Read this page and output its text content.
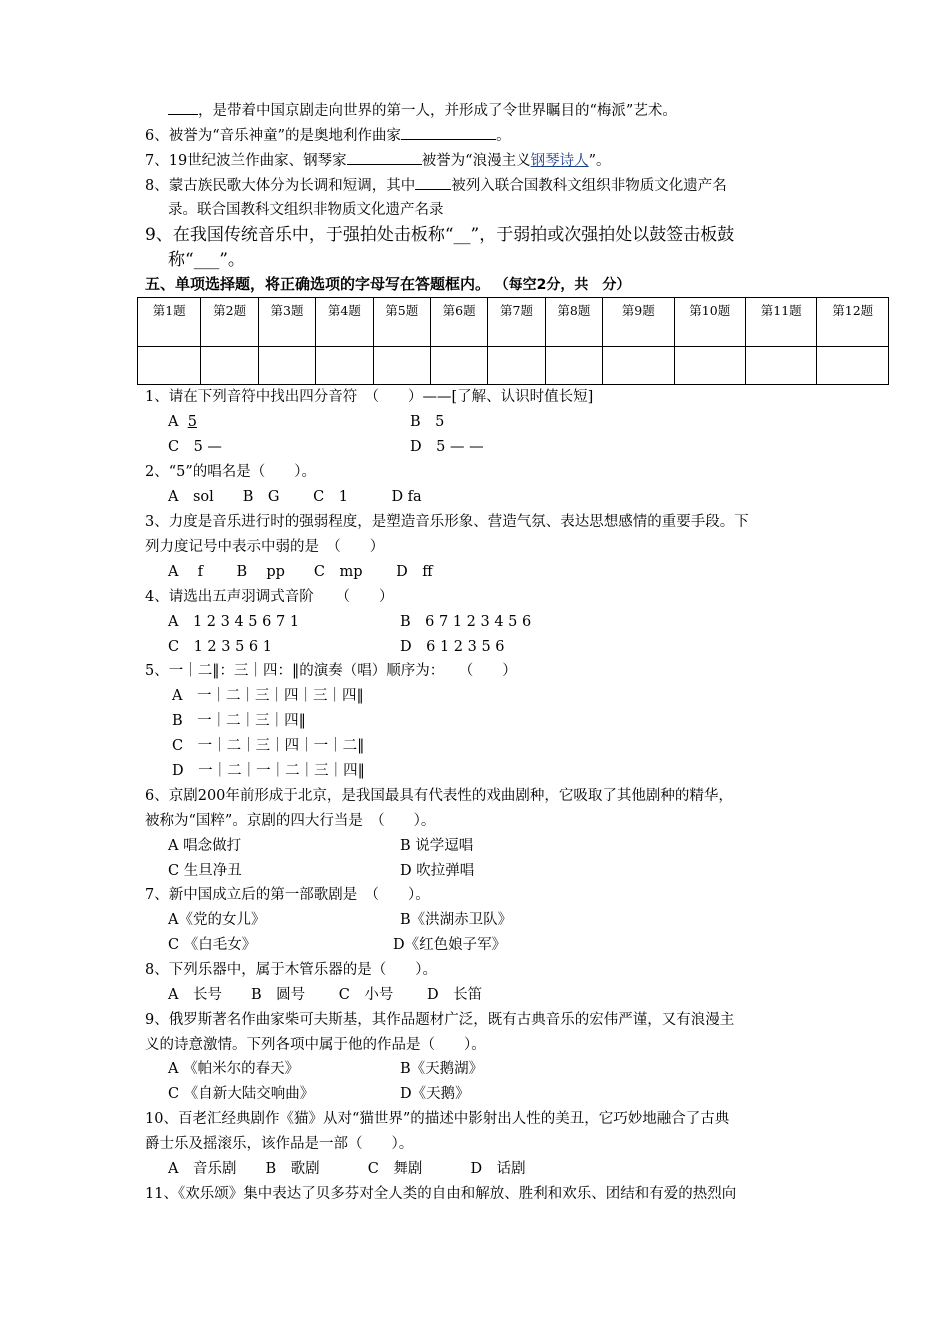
，是带着中国京剧走向世界的第一人，并形成了令世界瞩目的“梅派”艺术。
6、被誉为“音乐神童”的是奥地利作曲家	。
7、19世纪波兰作曲家、钢琴家	被誉为“浪漫主义钢琴诗人”。
8、蒙古族民歌大体分为长调和短调，其中 被列入联合国教科文组织非物质文化遗产名
录。联合国教科文组织非物质文化遗产名录
9、在我国传统音乐中，于强拍处击板称“__”，于弱拍或次强拍处以鼓签击板鼓
称“___”。
五、单项选择题，将正确选项的字母写在答题框内。 （每空2分，共　分）
第1题	第2题	第3题	第4题	第5题	第6题	第7题	第8题	第9题	第10题	第11题	第12题

1、请在下列音符中找出四分音符　（　　）——[了解、认识时值长短]
A 5	B　5
C　5 —	D　5 — —
2、“5”的唱名是（　　）。
A　sol　　B　G　　 C　1　　　D fa
3、力度是音乐进行时的强弱程度，是塑造音乐形象、营造气氛、表达思想感情的重要手段。下
列力度记号中表示中弱的是　（　　）
A　 f　　 B　 pp　　C　mp　　 D　ff
4、请选出五声羽调式音阶　　（　　）
A　1 2 3 4 5 6 7 1	B　6 7 1 2 3 4 5 6
C　1 2 3 5 6 1	D　6 1 2 3 5 6
5、一｜二‖：三｜四：‖的演奏（唱）顺序为：　　（　　）
A　一｜二｜三｜四｜三｜四‖
B　一｜二｜三｜四‖
C　一｜二｜三｜四｜一｜二‖
D　一｜二｜一｜二｜三｜四‖
6、京剧200年前形成于北京，是我国最具有代表性的戏曲剧种，它吸取了其他剧种的精华，
被称为“国粹”。京剧的四大行当是　（　　）。
A 唱念做打	B 说学逗唱
C 生旦净丑	D 吹拉弹唱
7、新中国成立后的第一部歌剧是　（　　）。
A《党的女儿》	B《洪湖赤卫队》
C 《白毛女》	D《红色娘子军》
8、下列乐器中，属于木管乐器的是（　　）。
A　长号　　B　圆号　　 C　小号　　 D　长笛
9、俄罗斯著名作曲家柴可夫斯基，其作品题材广泛，既有古典音乐的宏伟严谨，又有浪漫主
义的诗意激情。下列各项中属于他的作品是（　　）。
A 《帕米尔的春天》	B《天鹅湖》
C 《自新大陆交响曲》	D《天鹅》
10、百老汇经典剧作《猫》从对“猫世界”的描述中影射出人性的美丑，它巧妙地融合了古典
爵士乐及摇滚乐，该作品是一部（　　）。
A　音乐剧　　B　歌剧　　　 C　舞剧　　　 D　话剧
11、《欢乐颂》集中表达了贝多芬对全人类的自由和解放、胜利和欢乐、团结和有爱的热烈向
